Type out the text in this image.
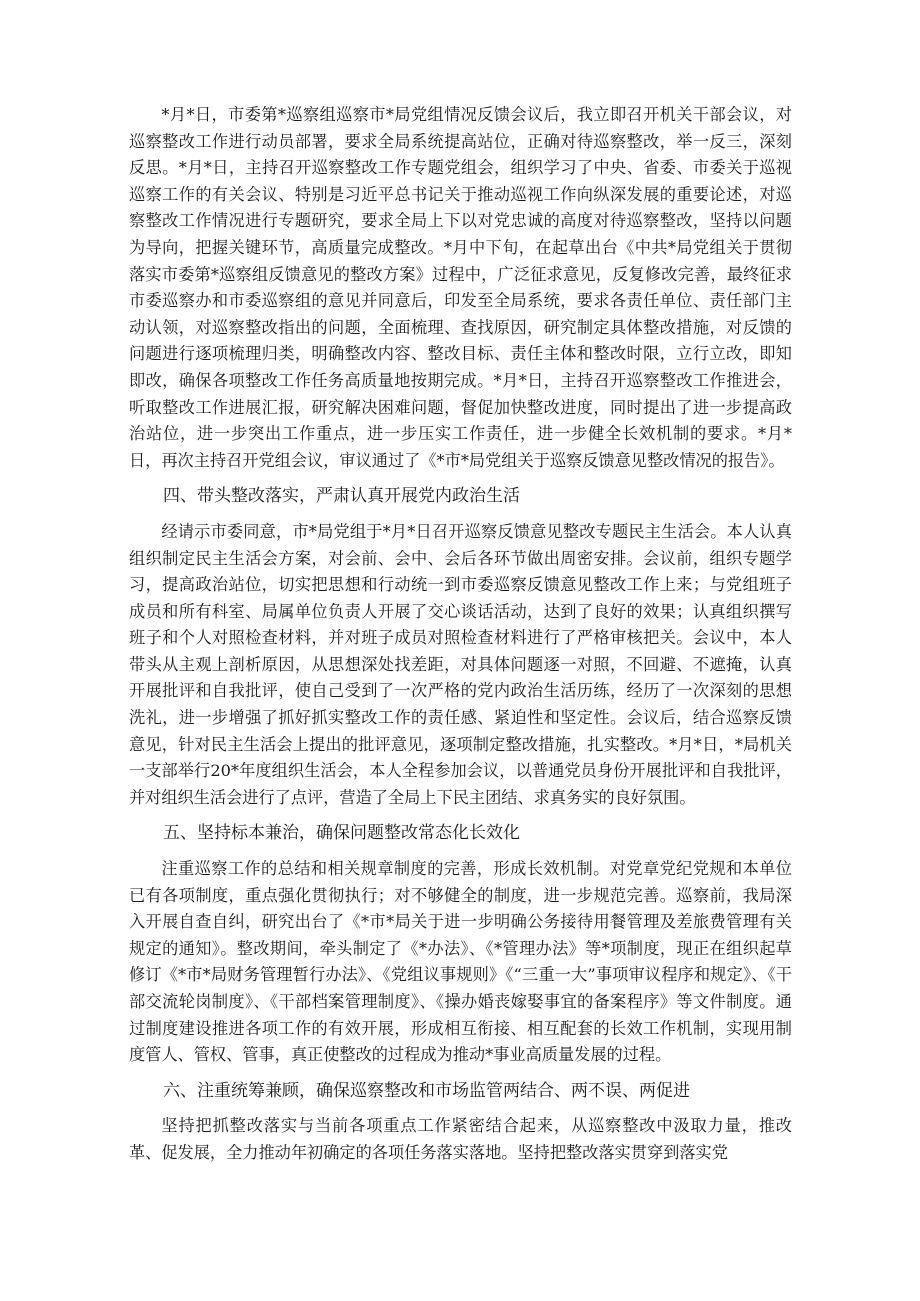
*月*日，市委第*巡察组巡察市*局党组情况反馈会议后，我立即召开机关干部会议，对巡察整改工作进行动员部署，要求全局系统提高站位，正确对待巡察整改，举一反三，深刻反思。*月*日，主持召开巡察整改工作专题党组会，组织学习了中央、省委、市委关于巡视巡察工作的有关会议、特别是习近平总书记关于推动巡视工作向纵深发展的重要论述，对巡察整改工作情况进行专题研究，要求全局上下以对党忠诚的高度对待巡察整改，坚持以问题为导向，把握关键环节，高质量完成整改。*月中下旬，在起草出台《中共*局党组关于贯彻落实市委第*巡察组反馈意见的整改方案》过程中，广泛征求意见，反复修改完善，最终征求市委巡察办和市委巡察组的意见并同意后，印发至全局系统，要求各责任单位、责任部门主动认领，对巡察整改指出的问题，全面梳理、查找原因，研究制定具体整改措施，对反馈的问题进行逐项梳理归类，明确整改内容、整改目标、责任主体和整改时限，立行立改，即知即改，确保各项整改工作任务高质量地按期完成。*月*日，主持召开巡察整改工作推进会，听取整改工作进展汇报，研究解决困难问题，督促加快整改进度，同时提出了进一步提高政治站位，进一步突出工作重点，进一步压实工作责任，进一步健全长效机制的要求。*月*日，再次主持召开党组会议，审议通过了《*市*局党组关于巡察反馈意见整改情况的报告》。

四、带头整改落实，严肃认真开展党内政治生活

经请示市委同意，市*局党组于*月*日召开巡察反馈意见整改专题民主生活会。本人认真组织制定民主生活会方案，对会前、会中、会后各环节做出周密安排。会议前，组织专题学习，提高政治站位，切实把思想和行动统一到市委巡察反馈意见整改工作上来；与党组班子成员和所有科室、局属单位负责人开展了交心谈话活动，达到了良好的效果；认真组织撰写班子和个人对照检查材料，并对班子成员对照检查材料进行了严格审核把关。会议中，本人带头从主观上剖析原因，从思想深处找差距，对具体问题逐一对照，不回避、不遮掩，认真开展批评和自我批评，使自己受到了一次严格的党内政治生活历练，经历了一次深刻的思想洗礼，进一步增强了抓好抓实整改工作的责任感、紧迫性和坚定性。会议后，结合巡察反馈意见，针对民主生活会上提出的批评意见，逐项制定整改措施，扎实整改。*月*日，*局机关一支部举行20*年度组织生活会，本人全程参加会议，以普通党员身份开展批评和自我批评，并对组织生活会进行了点评，营造了全局上下民主团结、求真务实的良好氛围。

五、坚持标本兼治，确保问题整改常态化长效化

注重巡察工作的总结和相关规章制度的完善，形成长效机制。对党章党纪党规和本单位已有各项制度，重点强化贯彻执行；对不够健全的制度，进一步规范完善。巡察前，我局深入开展自查自纠，研究出台了《*市*局关于进一步明确公务接待用餐管理及差旅费管理有关规定的通知》。整改期间，牵头制定了《*办法》、《*管理办法》等*项制度，现正在组织起草修订《*市*局财务管理暂行办法》、《党组议事规则》《“三重一大”事项审议程序和规定》、《干部交流轮岗制度》、《干部档案管理制度》、《操办婚丧嫁娶事宜的备案程序》等文件制度。通过制度建设推进各项工作的有效开展，形成相互衔接、相互配套的长效工作机制，实现用制度管人、管权、管事，真正使整改的过程成为推动*事业高质量发展的过程。

六、注重统筹兼顾，确保巡察整改和市场监管两结合、两不误、两促进

坚持把抓整改落实与当前各项重点工作紧密结合起来，从巡察整改中汲取力量，推改革、促发展，全力推动年初确定的各项任务落实落地。坚持把整改落实贯穿到落实党
